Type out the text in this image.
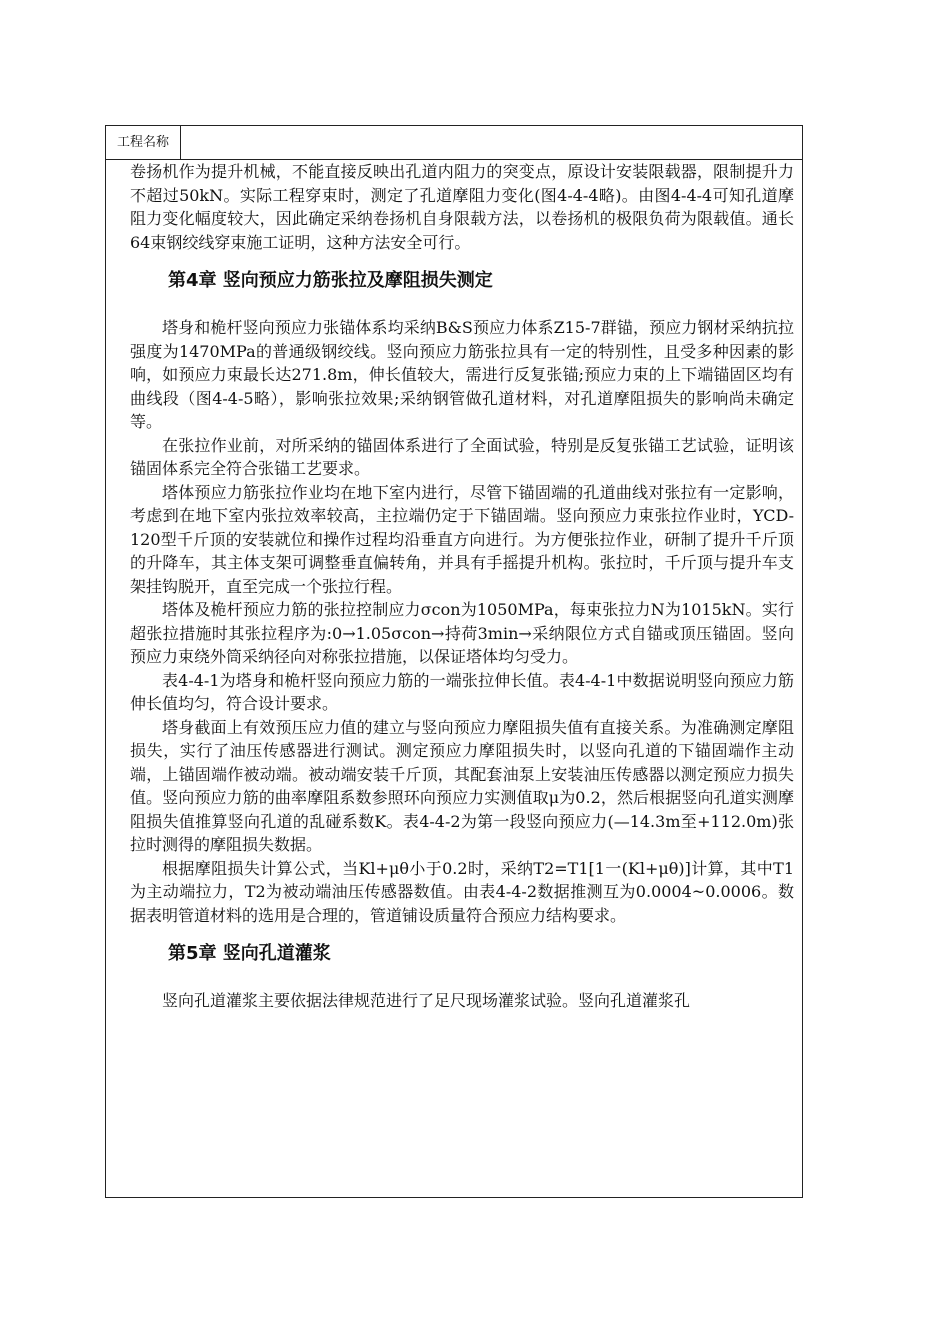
工程名称

卷扬机作为提升机械，不能直接反映出孔道内阻力的突变点，原设计安装限载器，限制提升力不超过50kN。实际工程穿束时，测定了孔道摩阻力变化(图4-4-4略)。由图4-4-4可知孔道摩阻力变化幅度较大，因此确定采纳卷扬机自身限载方法，以卷扬机的极限负荷为限载值。通长64束钢绞线穿束施工证明，这种方法安全可行。

第4章 竖向预应力筋张拉及摩阻损失测定

塔身和桅杆竖向预应力张锚体系均采纳B&S预应力体系Z15-7群锚，预应力钢材采纳抗拉强度为1470MPa的普通级钢绞线。竖向预应力筋张拉具有一定的特别性，且受多种因素的影响，如预应力束最长达271.8m，伸长值较大，需进行反复张锚;预应力束的上下端锚固区均有曲线段（图4-4-5略），影响张拉效果;采纳钢管做孔道材料，对孔道摩阻损失的影响尚未确定等。

在张拉作业前，对所采纳的锚固体系进行了全面试验，特别是反复张锚工艺试验，证明该锚固体系完全符合张锚工艺要求。

塔体预应力筋张拉作业均在地下室内进行，尽管下锚固端的孔道曲线对张拉有一定影响，考虑到在地下室内张拉效率较高，主拉端仍定于下锚固端。竖向预应力束张拉作业时，YCD-120型千斤顶的安装就位和操作过程均沿垂直方向进行。为方便张拉作业，研制了提升千斤顶的升降车，其主体支架可调整垂直偏转角，并具有手摇提升机构。张拉时，千斤顶与提升车支架挂钩脱开，直至完成一个张拉行程。

塔体及桅杆预应力筋的张拉控制应力σcon为1050MPa，每束张拉力N为1015kN。实行超张拉措施时其张拉程序为:0→1.05σcon→持荷3min→采纳限位方式自锚或顶压锚固。竖向预应力束绕外筒采纳径向对称张拉措施，以保证塔体均匀受力。

表4-4-1为塔身和桅杆竖向预应力筋的一端张拉伸长值。表4-4-1中数据说明竖向预应力筋伸长值均匀，符合设计要求。

塔身截面上有效预压应力值的建立与竖向预应力摩阻损失值有直接关系。为准确测定摩阻损失，实行了油压传感器进行测试。测定预应力摩阻损失时，以竖向孔道的下锚固端作主动端，上锚固端作被动端。被动端安装千斤顶，其配套油泵上安装油压传感器以测定预应力损失值。竖向预应力筋的曲率摩阻系数参照环向预应力实测值取μ为0.2，然后根据竖向孔道实测摩阻损失值推算竖向孔道的乱碰系数K。表4-4-2为第一段竖向预应力(—14.3m至+112.0m)张拉时测得的摩阻损失数据。

根据摩阻损失计算公式，当Kl+μθ小于0.2时，采纳T2=T1[1一(Kl+μθ)]计算，其中T1为主动端拉力，T2为被动端油压传感器数值。由表4-4-2数据推测互为0.0004~0.0006。数据表明管道材料的选用是合理的，管道铺设质量符合预应力结构要求。

第5章 竖向孔道灌浆

竖向孔道灌浆主要依据法律规范进行了足尺现场灌浆试验。竖向孔道灌浆孔
